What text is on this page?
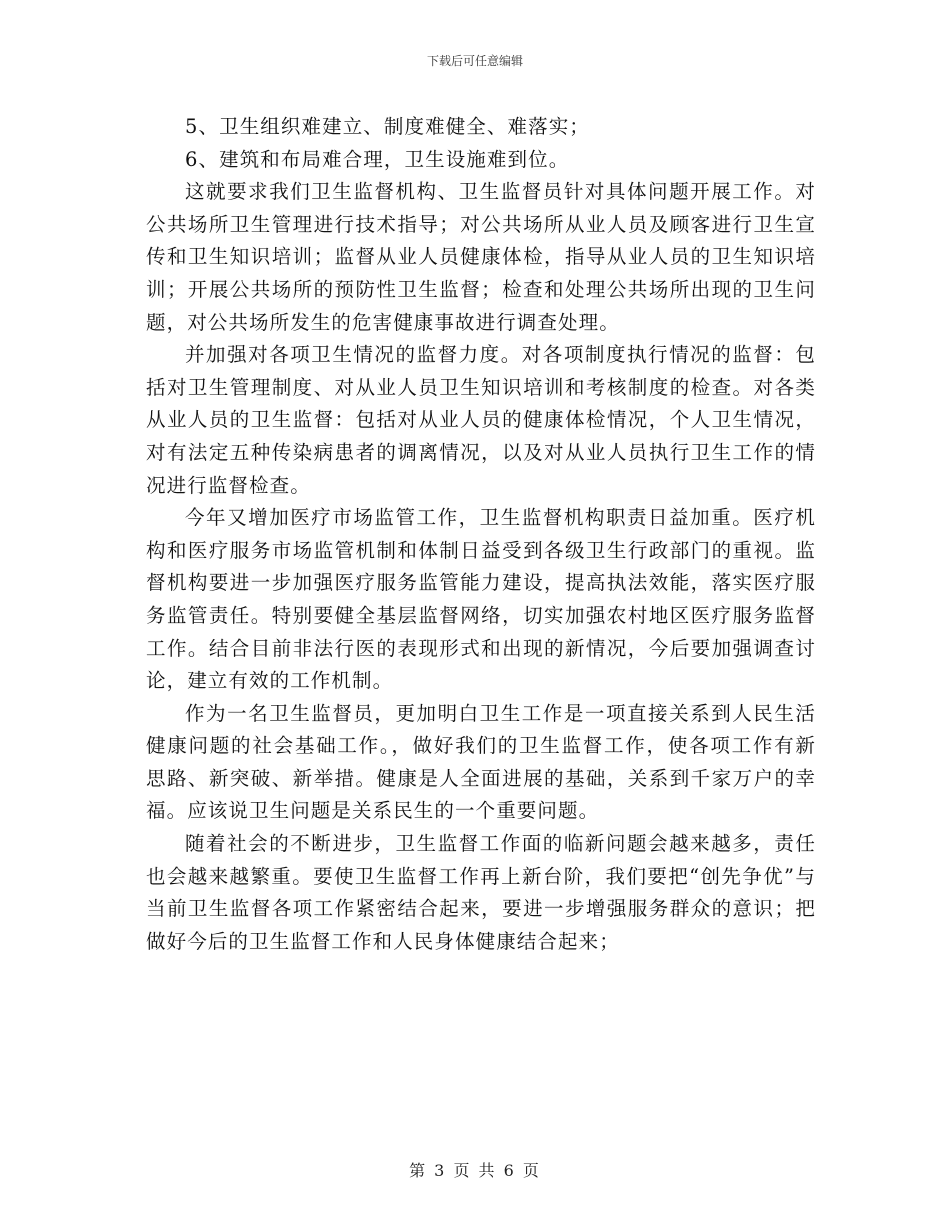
下载后可任意编辑

5、卫生组织难建立、制度难健全、难落实；

6、建筑和布局难合理，卫生设施难到位。

这就要求我们卫生监督机构、卫生监督员针对具体问题开展工作。对公共场所卫生管理进行技术指导；对公共场所从业人员及顾客进行卫生宣传和卫生知识培训；监督从业人员健康体检，指导从业人员的卫生知识培训；开展公共场所的预防性卫生监督；检查和处理公共场所出现的卫生问题，对公共场所发生的危害健康事故进行调查处理。

并加强对各项卫生情况的监督力度。对各项制度执行情况的监督：包括对卫生管理制度、对从业人员卫生知识培训和考核制度的检查。对各类从业人员的卫生监督：包括对从业人员的健康体检情况，个人卫生情况，对有法定五种传染病患者的调离情况，以及对从业人员执行卫生工作的情况进行监督检查。

今年又增加医疗市场监管工作，卫生监督机构职责日益加重。医疗机构和医疗服务市场监管机制和体制日益受到各级卫生行政部门的重视。监督机构要进一步加强医疗服务监管能力建设，提高执法效能，落实医疗服务监管责任。特别要健全基层监督网络，切实加强农村地区医疗服务监督工作。结合目前非法行医的表现形式和出现的新情况，今后要加强调查讨论，建立有效的工作机制。

作为一名卫生监督员，更加明白卫生工作是一项直接关系到人民生活健康问题的社会基础工作。，做好我们的卫生监督工作，使各项工作有新思路、新突破、新举措。健康是人全面进展的基础，关系到千家万户的幸福。应该说卫生问题是关系民生的一个重要问题。

随着社会的不断进步，卫生监督工作面的临新问题会越来越多，责任也会越来越繁重。要使卫生监督工作再上新台阶，我们要把“创先争优”与当前卫生监督各项工作紧密结合起来，要进一步增强服务群众的意识；把做好今后的卫生监督工作和人民身体健康结合起来；

第 3 页 共 6 页
